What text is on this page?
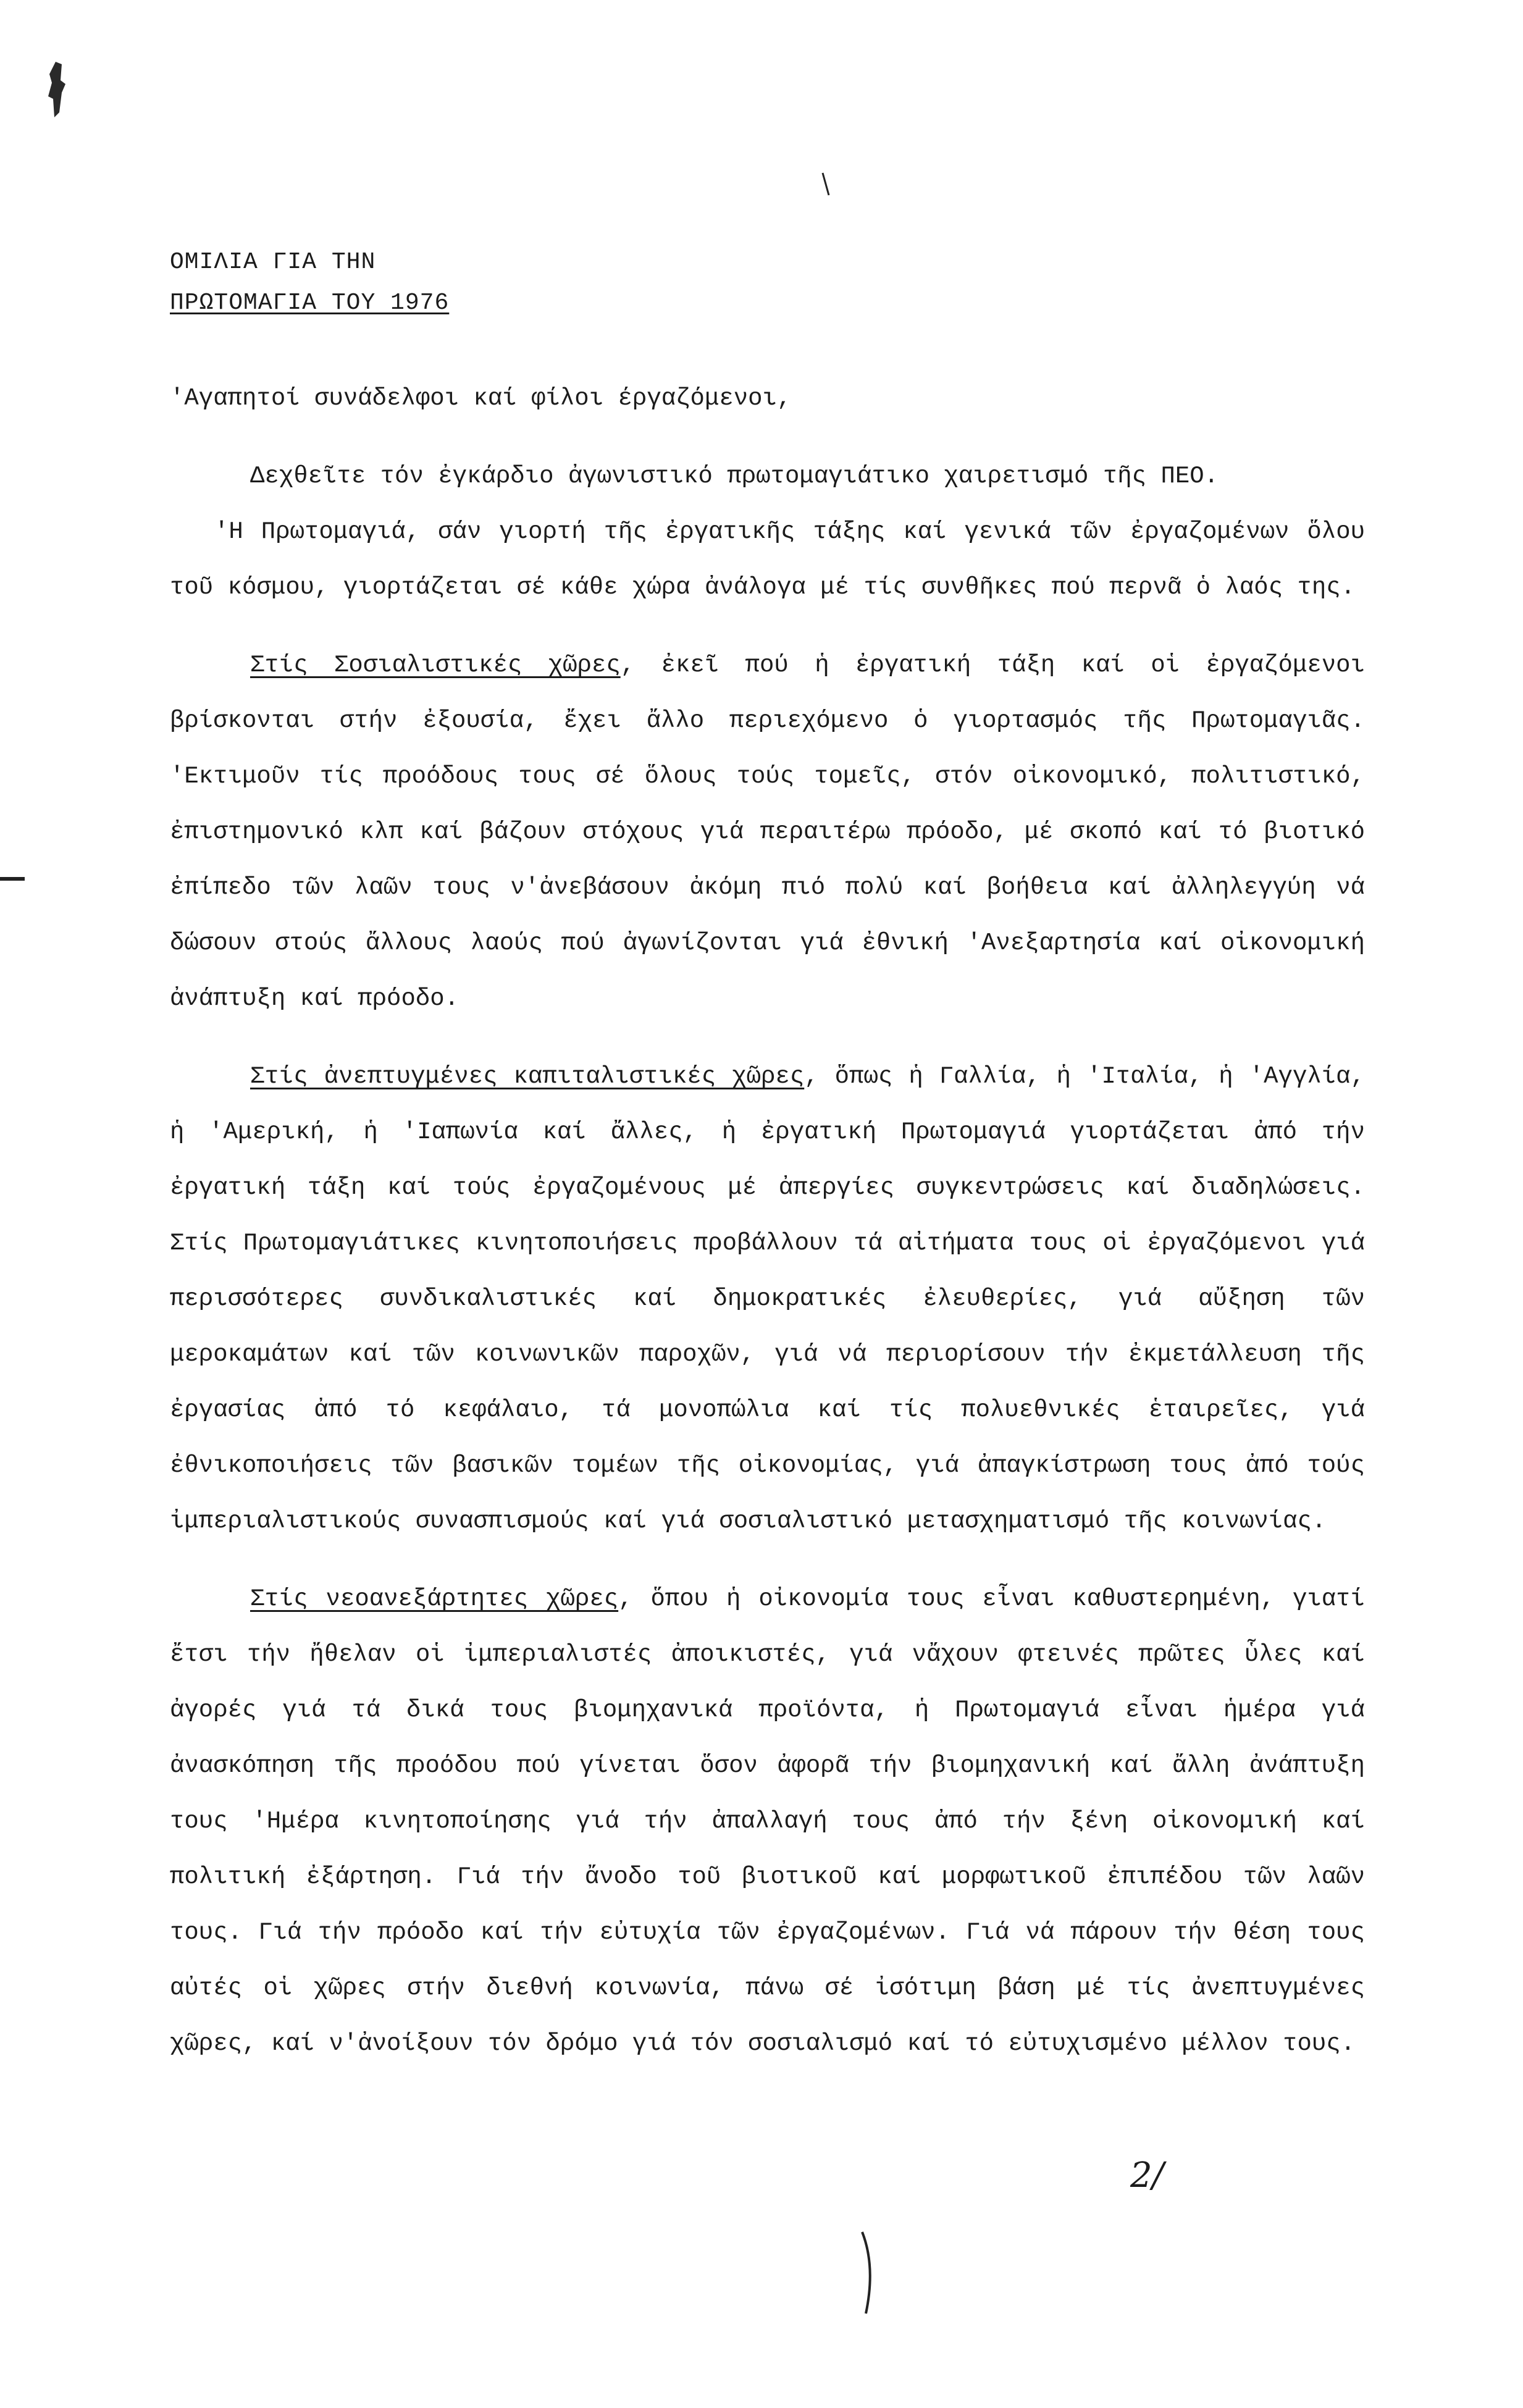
ΟΜΙΛΙΑ ΓΙΑ ΤΗΝ
ΠΡΩΤΟΜΑΓΙΑ ΤΟΥ 1976

'Αγαπητοί συνάδελφοι καί φίλοι έργαζόμενοι,

Δεχθεῖτε τόν ἐγκάρδιο ἀγωνιστικό πρωτομαγιάτικο χαιρετισμό τῆς ΠΕΟ.

'Η Πρωτομαγιά, σάν γιορτή τῆς ἐργατικῆς τάξης καί γενικά τῶν ἐργαζομένων ὅλου τοῦ κόσμου, γιορτάζεται σέ κάθε χώρα ἀνάλογα μέ τίς συνθῆκες πού περνᾶ ὁ λαός της.

Στίς Σοσιαλιστικές χῶρες, ἐκεῖ πού ἡ ἐργατική τάξη καί οἱ ἐργαζόμενοι βρίσκονται στήν ἐξουσία, ἔχει ἄλλο περιεχόμενο ὁ γιορτασμός τῆς Πρωτομαγιᾶς. 'Εκτιμοῦν τίς προόδους τους σέ ὅλους τούς τομεῖς, στόν οἰκονομικό, πολιτιστικό, ἐπιστημονικό κλπ καί βάζουν στόχους γιά περαιτέρω πρόοδο, μέ σκοπό καί τό βιοτικό ἐπίπεδο τῶν λαῶν τους ν'ἀνεβάσουν ἀκόμη πιό πολύ καί βοήθεια καί ἀλληλεγγύη νά δώσουν στούς ἄλλους λαούς πού ἀγωνίζονται γιά ἐθνική 'Ανεξαρτησία καί οἰκονομική ἀνάπτυξη καί πρόοδο.

Στίς ἀνεπτυγμένες καπιταλιστικές χῶρες, ὅπως ἡ Γαλλία, ἡ 'Ιταλία, ἡ 'Αγγλία, ἡ 'Αμερική, ἡ 'Ιαπωνία καί ἄλλες, ἡ ἐργατική Πρωτομαγιά γιορτάζεται ἀπό τήν ἐργατική τάξη καί τούς ἐργαζομένους μέ ἀπεργίες συγκεντρώσεις καί διαδηλώσεις. Στίς Πρωτομαγιάτικες κινητοποιήσεις προβάλλουν τά αἰτήματα τους οἱ ἐργαζόμενοι γιά περισσότερες συνδικαλιστικές καί δημοκρατικές ἐλευθερίες, γιά αὔξηση τῶν μεροκαμάτων καί τῶν κοινωνικῶν παροχῶν, γιά νά περιορίσουν τήν ἐκμετάλλευση τῆς ἐργασίας ἀπό τό κεφάλαιο, τά μονοπώλια καί τίς πολυεθνικές ἑταιρεῖες, γιά ἐθνικοποιήσεις τῶν βασικῶν τομέων τῆς οἰκονομίας, γιά ἀπαγκίστρωση τους ἀπό τούς ἰμπεριαλιστικούς συνασπισμούς καί γιά σοσιαλιστικό μετασχηματισμό τῆς κοινωνίας.

Στίς νεοανεξάρτητες χῶρες, ὅπου ἡ οἰκονομία τους εἶναι καθυστερημένη, γιατί ἔτσι τήν ἤθελαν οἱ ἰμπεριαλιστές ἀποικιστές, γιά νἄχουν φτεινές πρῶτες ὗλες καί ἀγορές γιά τά δικά τους βιομηχανικά προϊόντα, ἡ Πρωτομαγιά εἶναι ἡμέρα γιά ἀνασκόπηση τῆς προόδου πού γίνεται ὅσον ἀφορᾶ τήν βιομηχανική καί ἄλλη ἀνάπτυξη τους 'Ημέρα κινητοποίησης γιά τήν ἀπαλλαγή τους ἀπό τήν ξένη οἰκονομική καί πολιτική ἐξάρτηση. Γιά τήν ἄνοδο τοῦ βιοτικοῦ καί μορφωτικοῦ ἐπιπέδου τῶν λαῶν τους. Γιά τήν πρόοδο καί τήν εὐτυχία τῶν ἐργαζομένων. Γιά νά πάρουν τήν θέση τους αὐτές οἱ χῶρες στήν διεθνή κοινωνία, πάνω σέ ἰσότιμη βάση μέ τίς ἀνεπτυγμένες χῶρες, καί ν'ἀνοίξουν τόν δρόμο γιά τόν σοσιαλισμό καί τό εὐτυχισμένο μέλλον τους.

2/
